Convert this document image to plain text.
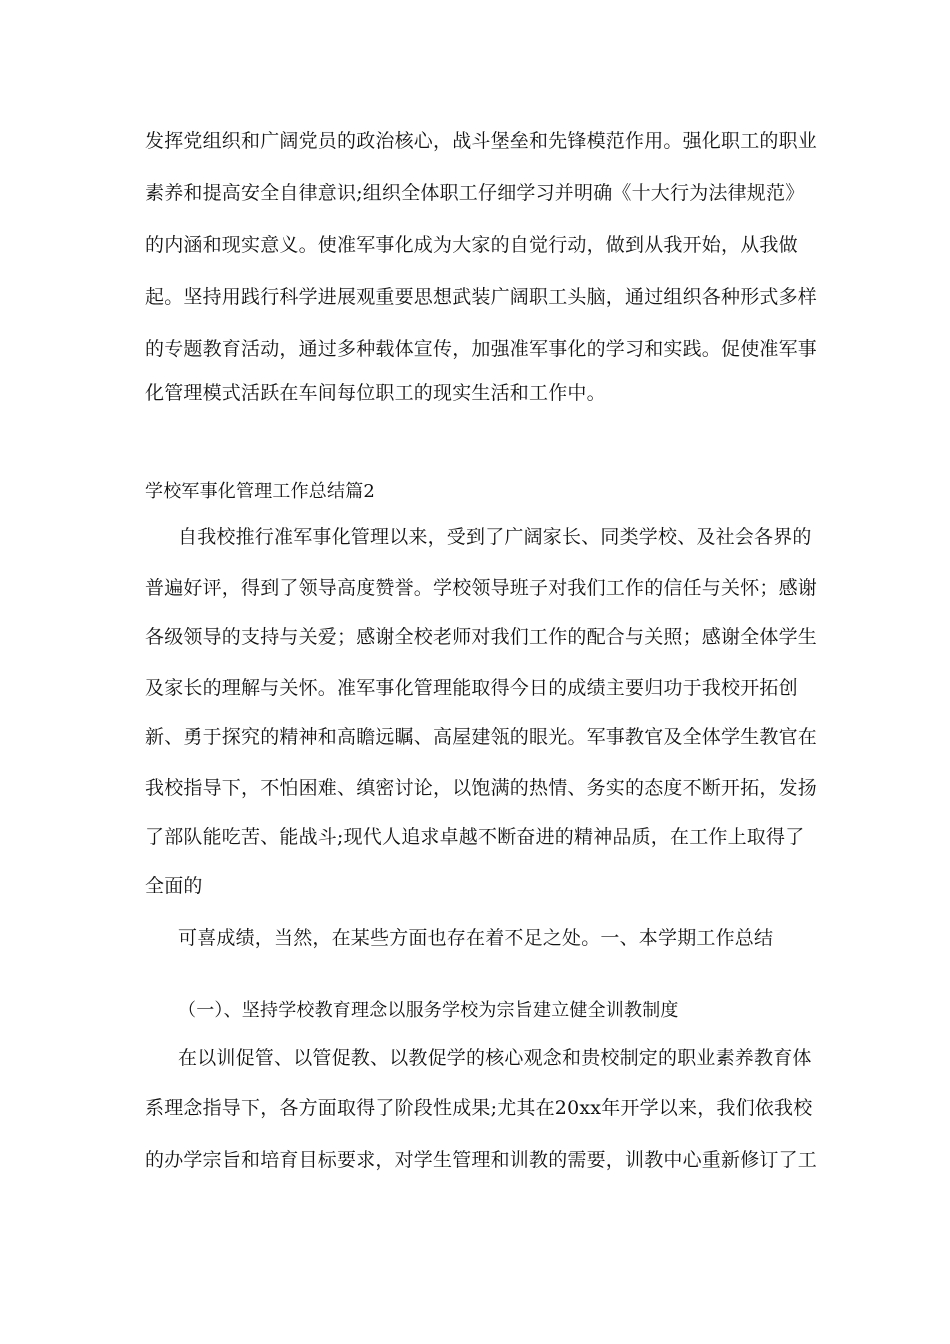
发挥党组织和广阔党员的政治核心，战斗堡垒和先锋模范作用。强化职工的职业
素养和提高安全自律意识;组织全体职工仔细学习并明确《十大行为法律规范》
的内涵和现实意义。使准军事化成为大家的自觉行动，做到从我开始，从我做
起。坚持用践行科学进展观重要思想武装广阔职工头脑，通过组织各种形式多样
的专题教育活动，通过多种载体宣传，加强准军事化的学习和实践。促使准军事
化管理模式活跃在车间每位职工的现实生活和工作中。
学校军事化管理工作总结篇2
自我校推行准军事化管理以来，受到了广阔家长、同类学校、及社会各界的
普遍好评，得到了领导高度赞誉。学校领导班子对我们工作的信任与关怀；感谢
各级领导的支持与关爱；感谢全校老师对我们工作的配合与关照；感谢全体学生
及家长的理解与关怀。准军事化管理能取得今日的成绩主要归功于我校开拓创
新、勇于探究的精神和高瞻远瞩、高屋建瓴的眼光。军事教官及全体学生教官在
我校指导下，不怕困难、缜密讨论，以饱满的热情、务实的态度不断开拓，发扬
了部队能吃苦、能战斗;现代人追求卓越不断奋进的精神品质，在工作上取得了
全面的
可喜成绩，当然，在某些方面也存在着不足之处。一、本学期工作总结
（一）、坚持学校教育理念以服务学校为宗旨建立健全训教制度
在以训促管、以管促教、以教促学的核心观念和贵校制定的职业素养教育体
系理念指导下，各方面取得了阶段性成果;尤其在20xx年开学以来，我们依我校
的办学宗旨和培育目标要求，对学生管理和训教的需要，训教中心重新修订了工
